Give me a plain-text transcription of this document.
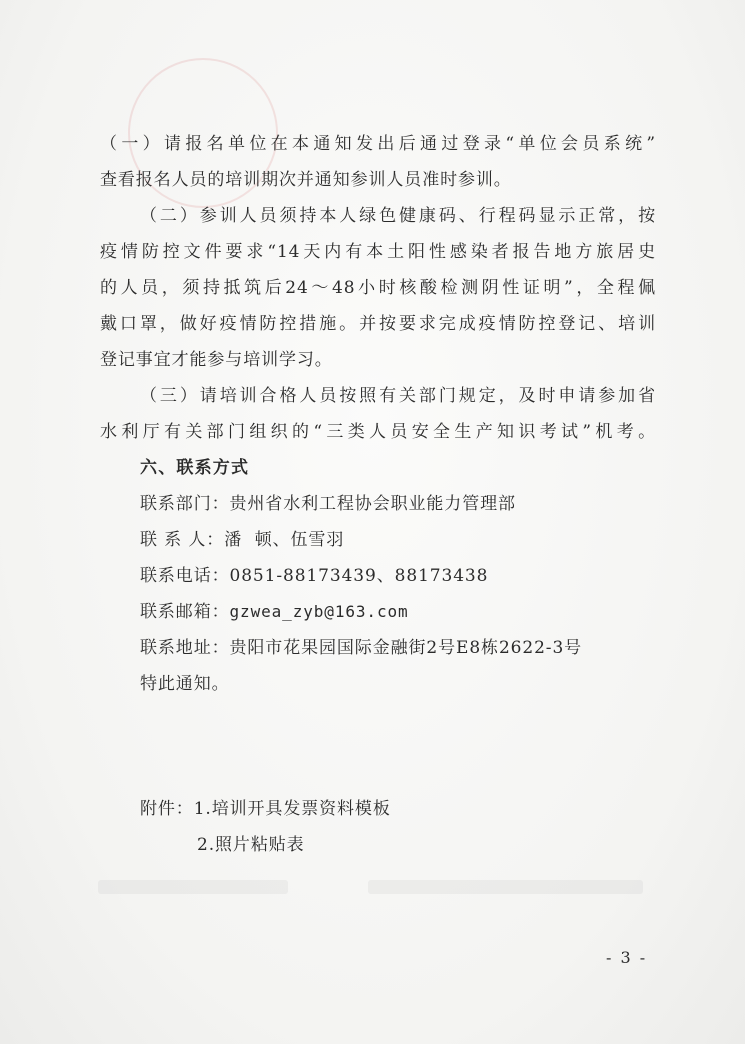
（一）请报名单位在本通知发出后通过登录“单位会员系统”
查看报名人员的培训期次并通知参训人员准时参训。
（二）参训人员须持本人绿色健康码、行程码显示正常，按
疫情防控文件要求“14天内有本土阳性感染者报告地方旅居史
的人员，须持抵筑后24～48小时核酸检测阴性证明”，全程佩
戴口罩，做好疫情防控措施。并按要求完成疫情防控登记、培训
登记事宜才能参与培训学习。
（三）请培训合格人员按照有关部门规定，及时申请参加省
水利厅有关部门组织的“三类人员安全生产知识考试”机考。
六、联系方式
联系部门：贵州省水利工程协会职业能力管理部
联 系 人：潘  顿、伍雪羽
联系电话：0851-88173439、88173438
联系邮箱：gzwea_zyb@163.com
联系地址：贵阳市花果园国际金融街2号E8栋2622-3号
特此通知。
附件：1.培训开具发票资料模板
2.照片粘贴表
- 3 -
